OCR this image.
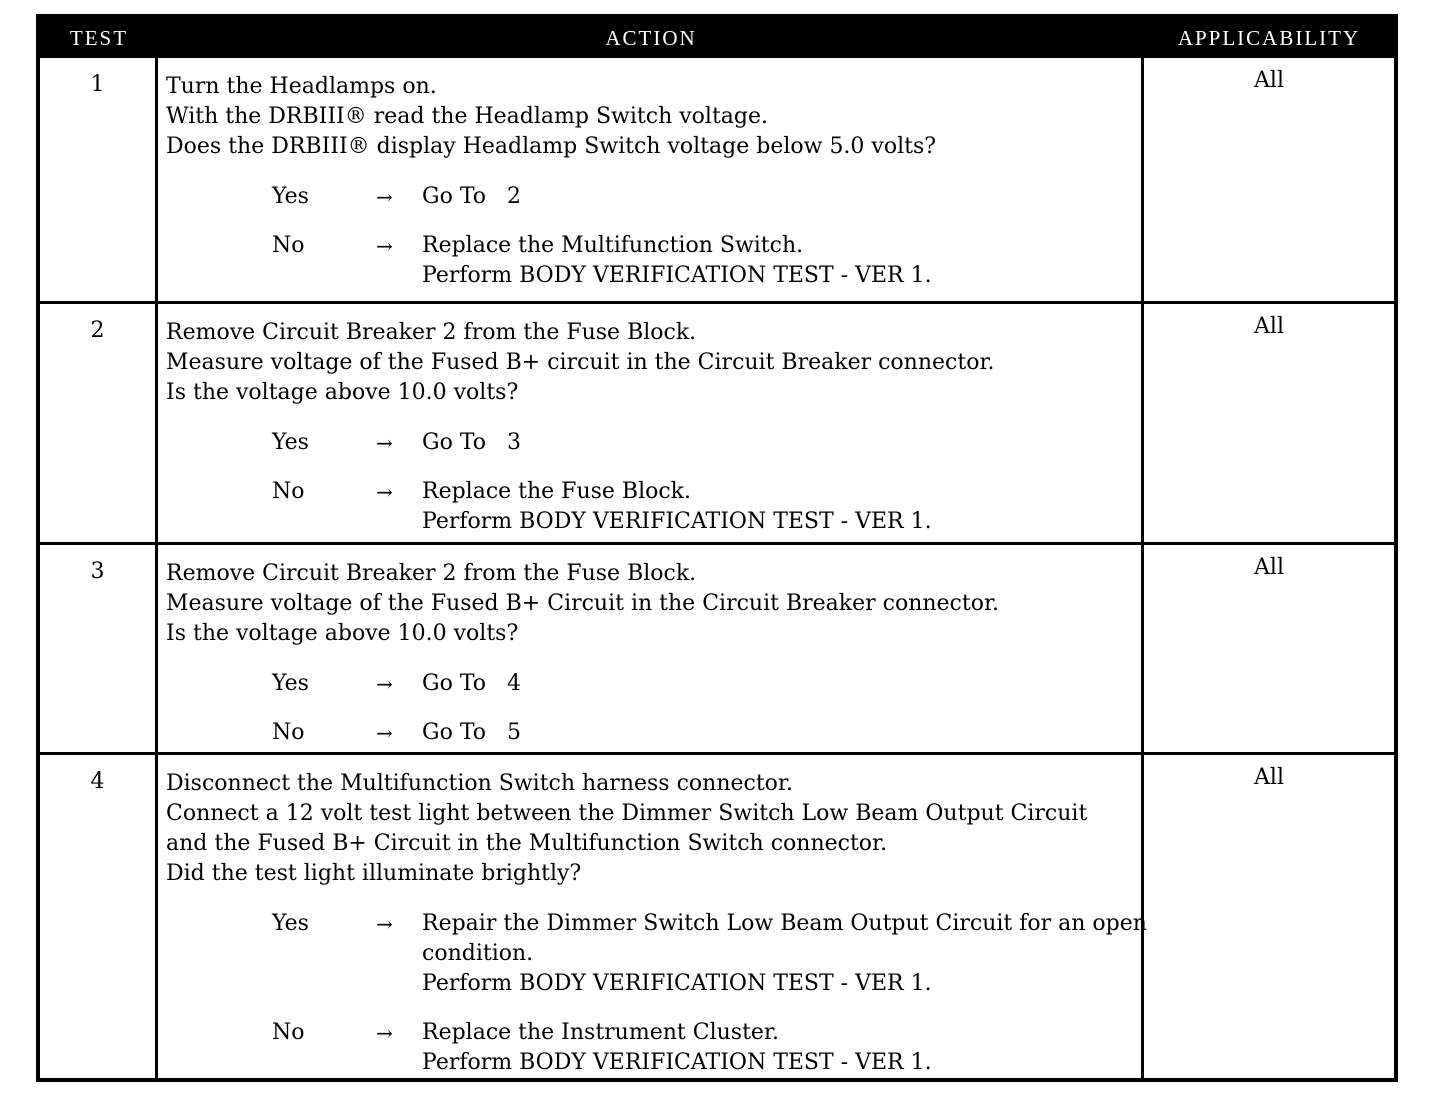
TEST	ACTION	APPLICABILITY
1	Turn the Headlamps on.
With the DRBIII® read the Headlamp Switch voltage.
Does the DRBIII® display Headlamp Switch voltage below 5.0 volts?
Yes	→	Go To   2
No	→	Replace the Multifunction Switch.
Perform BODY VERIFICATION TEST - VER 1.
All
2	Remove Circuit Breaker 2 from the Fuse Block.
Measure voltage of the Fused B+ circuit in the Circuit Breaker connector.
Is the voltage above 10.0 volts?
Yes	→	Go To   3
No	→	Replace the Fuse Block.
Perform BODY VERIFICATION TEST - VER 1.
All
3	Remove Circuit Breaker 2 from the Fuse Block.
Measure voltage of the Fused B+ Circuit in the Circuit Breaker connector.
Is the voltage above 10.0 volts?
Yes	→	Go To   4
No	→	Go To   5
All
4	Disconnect the Multifunction Switch harness connector.
Connect a 12 volt test light between the Dimmer Switch Low Beam Output Circuit
and the Fused B+ Circuit in the Multifunction Switch connector.
Did the test light illuminate brightly?
Yes	→	Repair the Dimmer Switch Low Beam Output Circuit for an open
condition.
Perform BODY VERIFICATION TEST - VER 1.
No	→	Replace the Instrument Cluster.
Perform BODY VERIFICATION TEST - VER 1.
All
